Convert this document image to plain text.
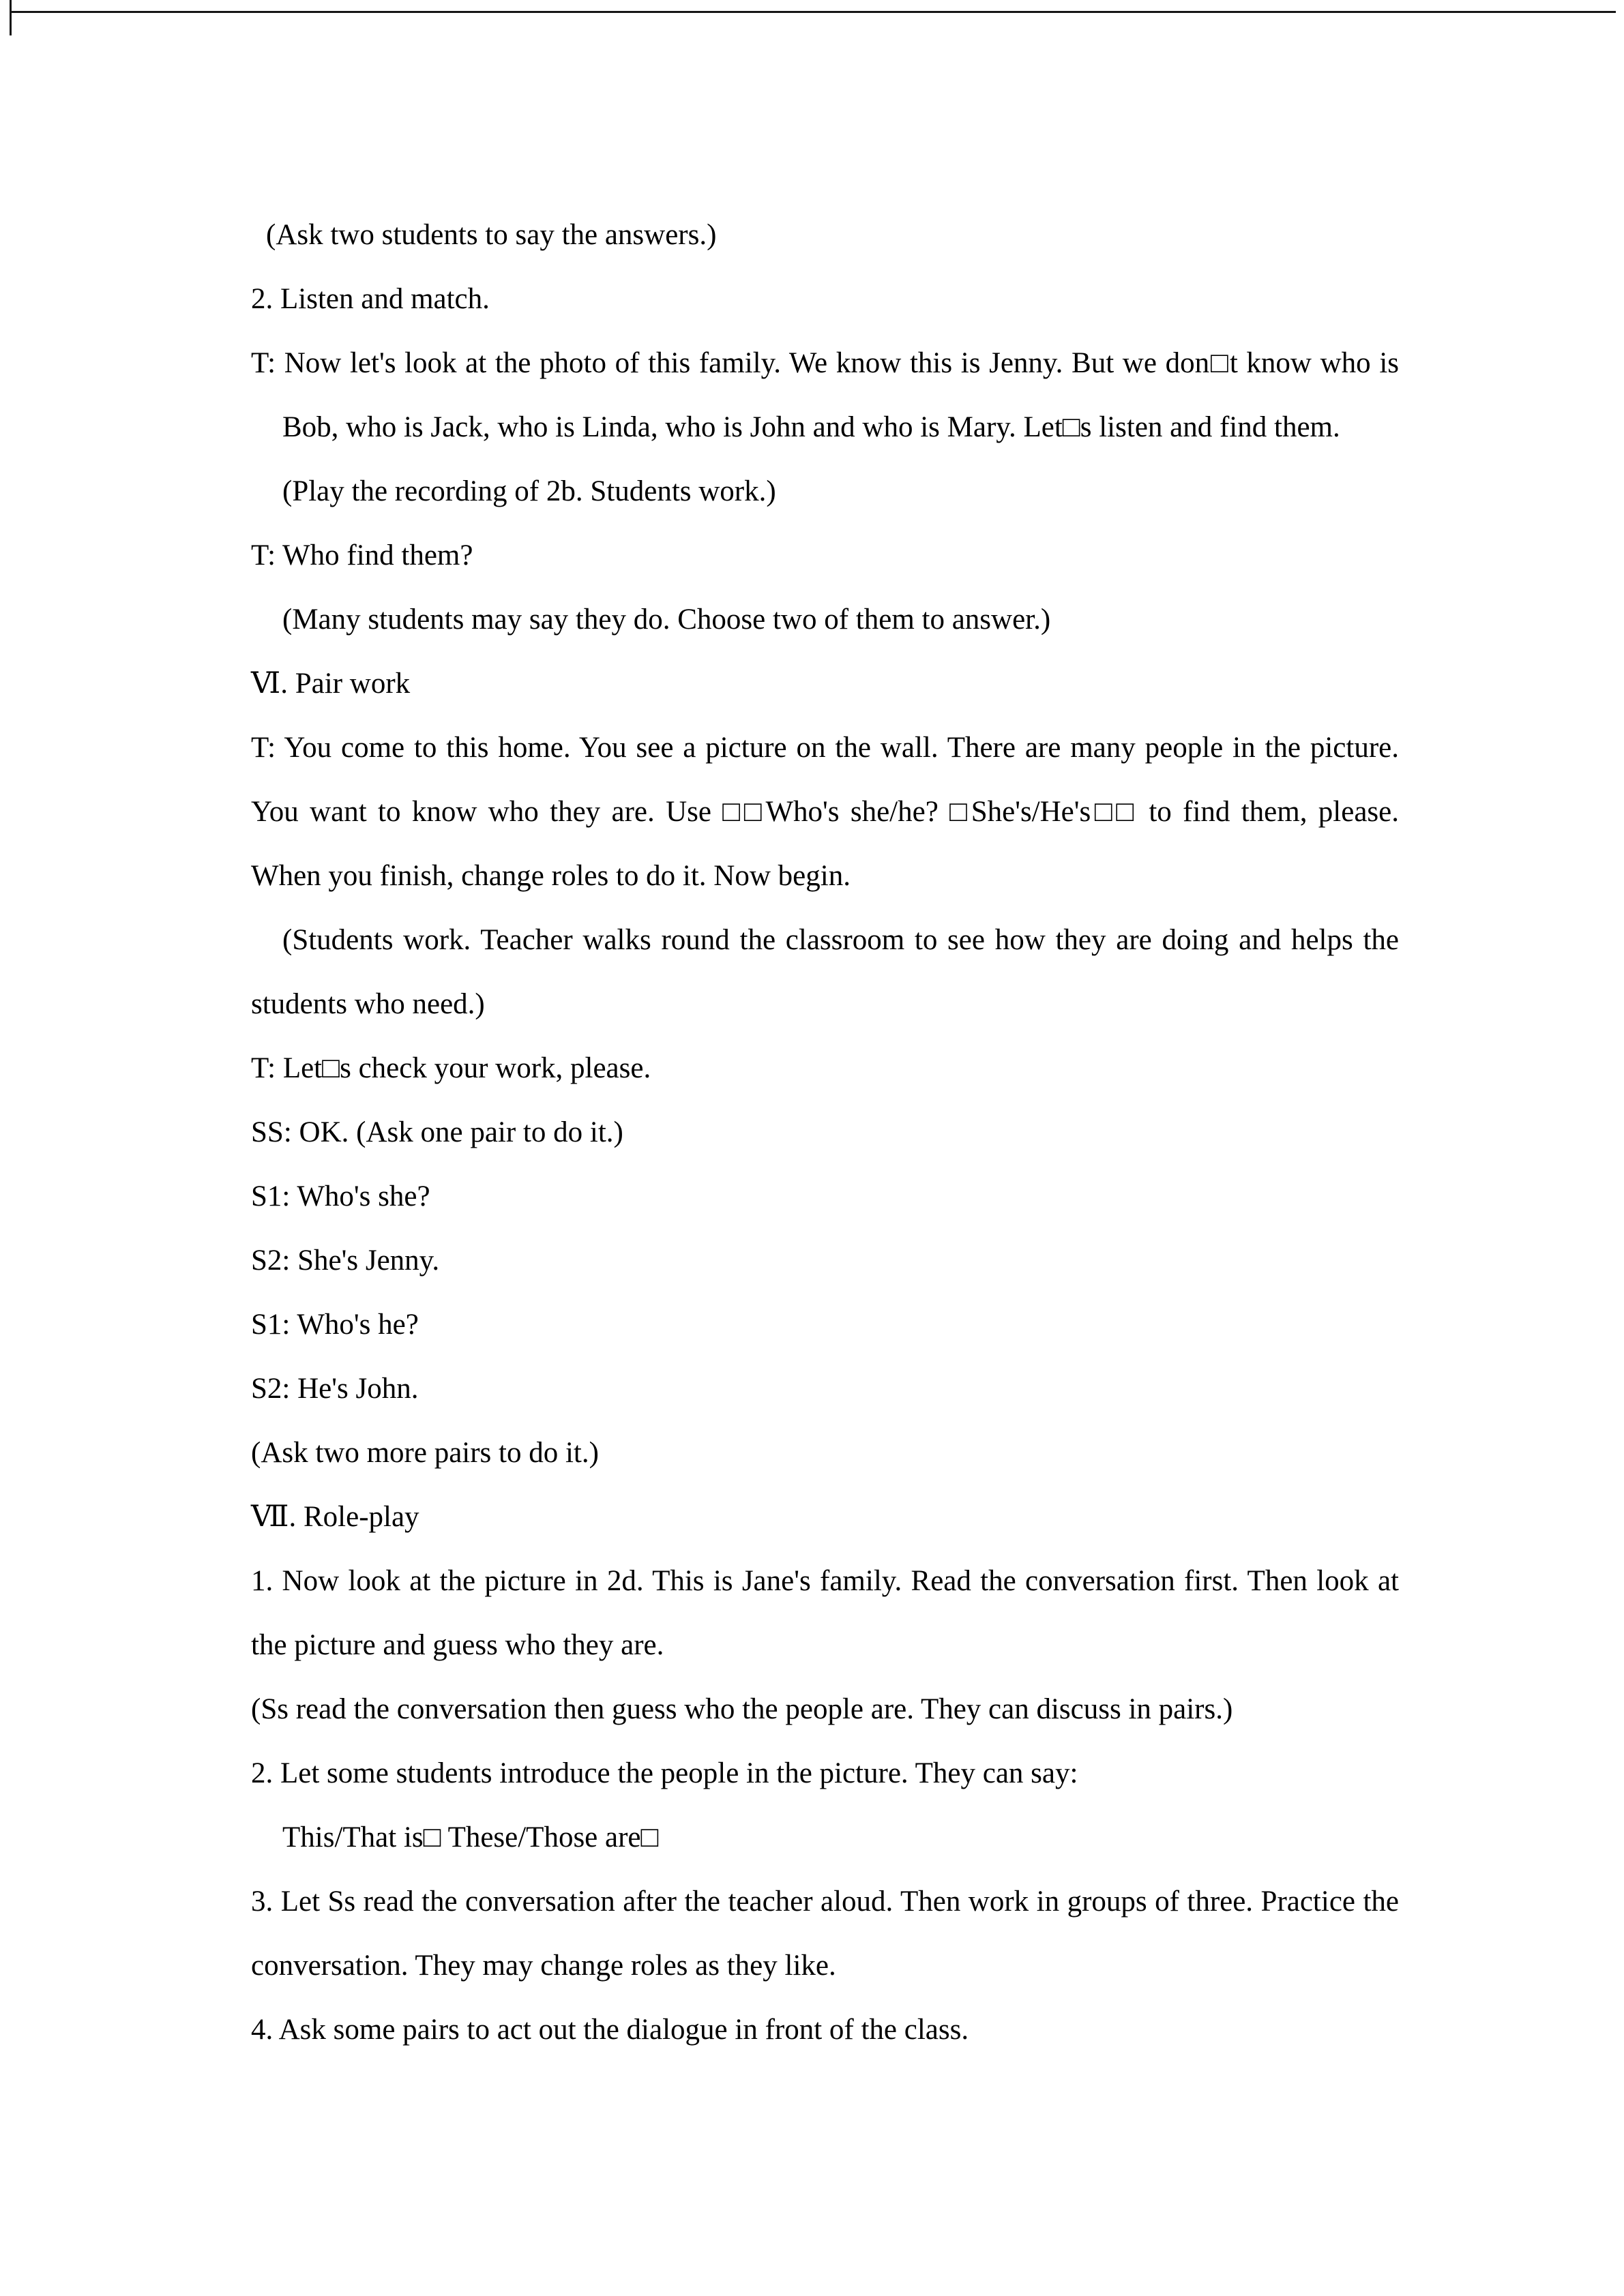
(Ask two students to say the answers.)

2. Listen and match.

T: Now let's look at the photo of this family. We know this is Jenny. But we don□t know who is Bob, who is Jack, who is Linda, who is John and who is Mary. Let□s listen and find them.

(Play the recording of 2b. Students work.)

T: Who find them?

(Many students may say they do. Choose two of them to answer.)

Ⅵ. Pair work

T: You come to this home. You see a picture on the wall. There are many people in the picture. You want to know who they are. Use □□Who's she/he? □She's/He's□□ to find them, please. When you finish, change roles to do it. Now begin.

(Students work. Teacher walks round the classroom to see how they are doing and helps the students who need.)

T: Let□s check your work, please.

SS: OK. (Ask one pair to do it.)

S1: Who's she?

S2: She's Jenny.

S1: Who's he?

S2: He's John.

(Ask two more pairs to do it.)

Ⅶ. Role-play

1. Now look at the picture in 2d. This is Jane's family. Read the conversation first. Then look at the picture and guess who they are.

(Ss read the conversation then guess who the people are. They can discuss in pairs.)

2. Let some students introduce the people in the picture. They can say:

This/That is□ These/Those are□

3. Let Ss read the conversation after the teacher aloud. Then work in groups of three. Practice the conversation. They may change roles as they like.

4. Ask some pairs to act out the dialogue in front of the class.
